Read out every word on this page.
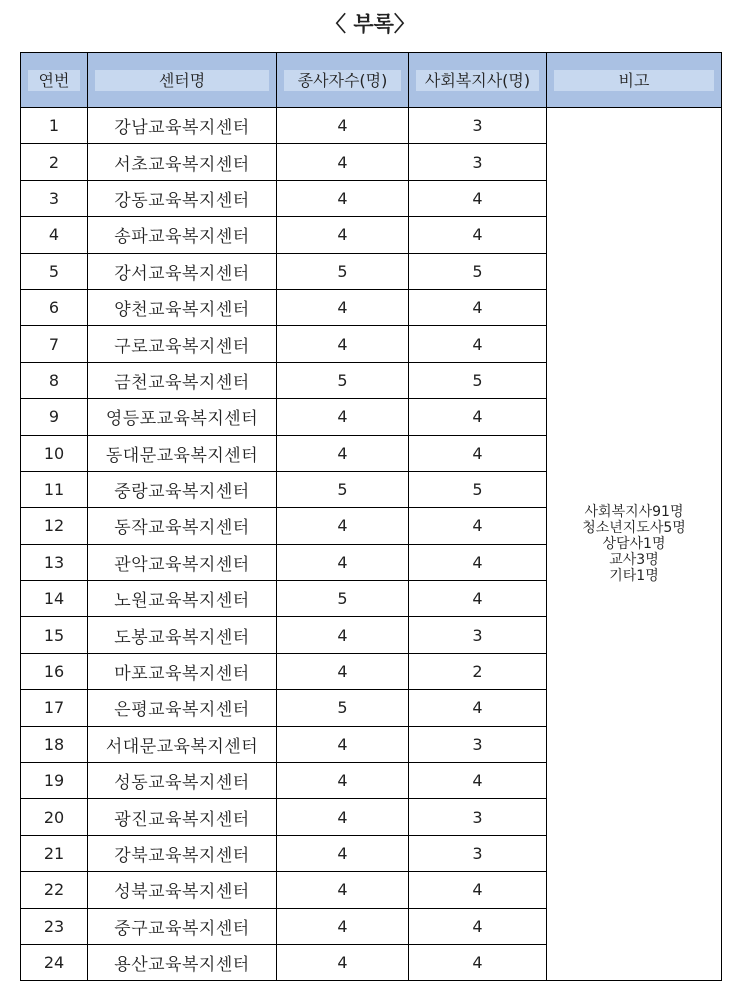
〈 부록〉
연번	센터명	종사자수(명)	사회복지사(명)	비고

1	강남교육복지센터	4	3	사회복지사91명
청소년지도사5명
상담사1명
교사3명
기타1명

2	서초교육복지센터	4	3	
3	강동교육복지센터	4	4	
4	송파교육복지센터	4	4	
5	강서교육복지센터	5	5	
6	양천교육복지센터	4	4	
7	구로교육복지센터	4	4	
8	금천교육복지센터	5	5	
9	영등포교육복지센터	4	4	
10	동대문교육복지센터	4	4	
11	중랑교육복지센터	5	5	
12	동작교육복지센터	4	4	
13	관악교육복지센터	4	4	
14	노원교육복지센터	5	4	
15	도봉교육복지센터	4	3	
16	마포교육복지센터	4	2	
17	은평교육복지센터	5	4	
18	서대문교육복지센터	4	3	
19	성동교육복지센터	4	4	
20	광진교육복지센터	4	3	
21	강북교육복지센터	4	3	
22	성북교육복지센터	4	4	
23	중구교육복지센터	4	4	
24	용산교육복지센터	4	4	
